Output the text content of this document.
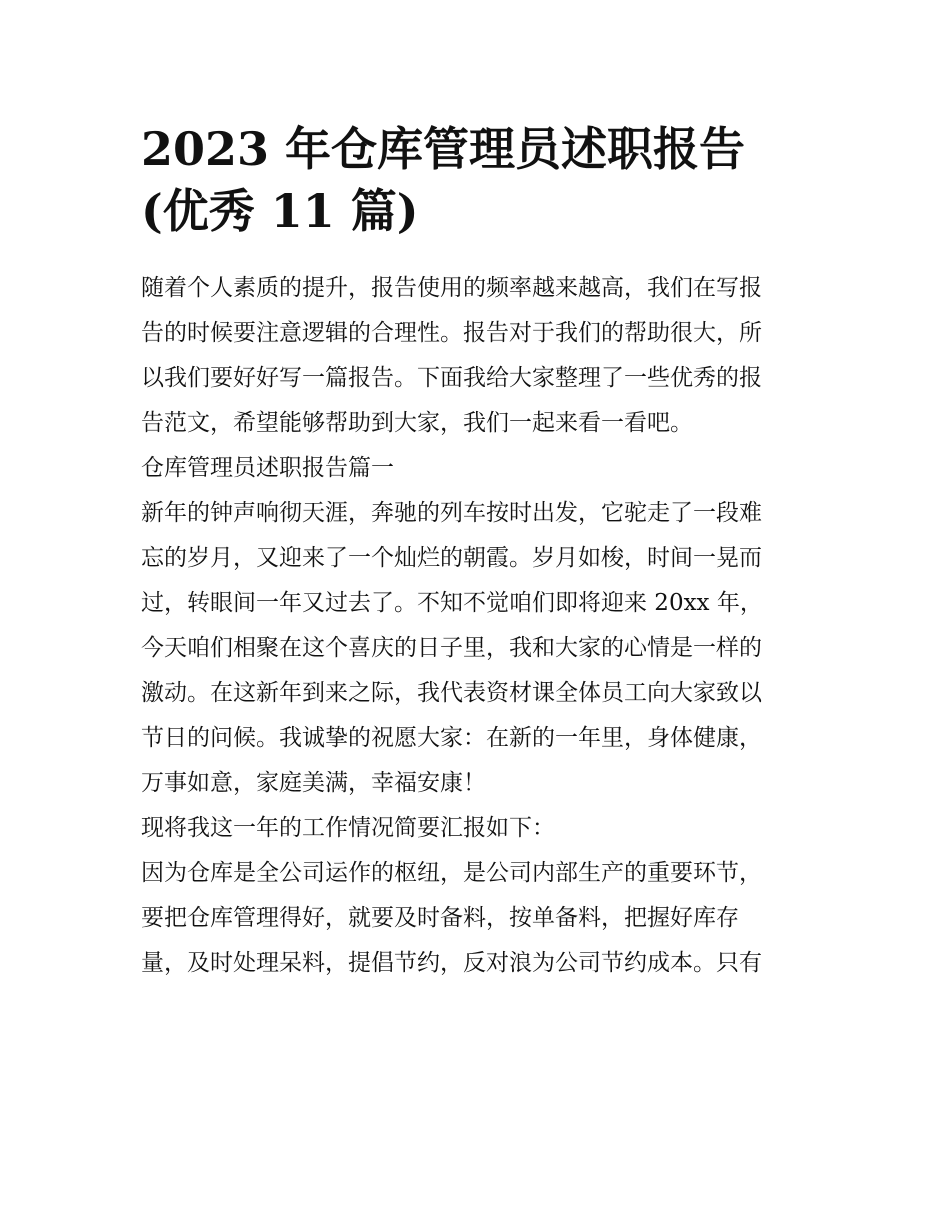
2023 年仓库管理员述职报告
(优秀 11 篇)
随着个人素质的提升，报告使用的频率越来越高，我们在写报
告的时候要注意逻辑的合理性。报告对于我们的帮助很大，所
以我们要好好写一篇报告。下面我给大家整理了一些优秀的报
告范文，希望能够帮助到大家，我们一起来看一看吧。
仓库管理员述职报告篇一
新年的钟声响彻天涯，奔驰的列车按时出发，它驼走了一段难
忘的岁月，又迎来了一个灿烂的朝霞。岁月如梭，时间一晃而
过，转眼间一年又过去了。不知不觉咱们即将迎来 20xx 年，
今天咱们相聚在这个喜庆的日子里，我和大家的心情是一样的
激动。在这新年到来之际，我代表资材课全体员工向大家致以
节日的问候。我诚挚的祝愿大家：在新的一年里，身体健康，
万事如意，家庭美满，幸福安康！
现将我这一年的工作情况简要汇报如下：
因为仓库是全公司运作的枢纽，是公司内部生产的重要环节，
要把仓库管理得好，就要及时备料，按单备料，把握好库存
量，及时处理呆料，提倡节约，反对浪为公司节约成本。只有
